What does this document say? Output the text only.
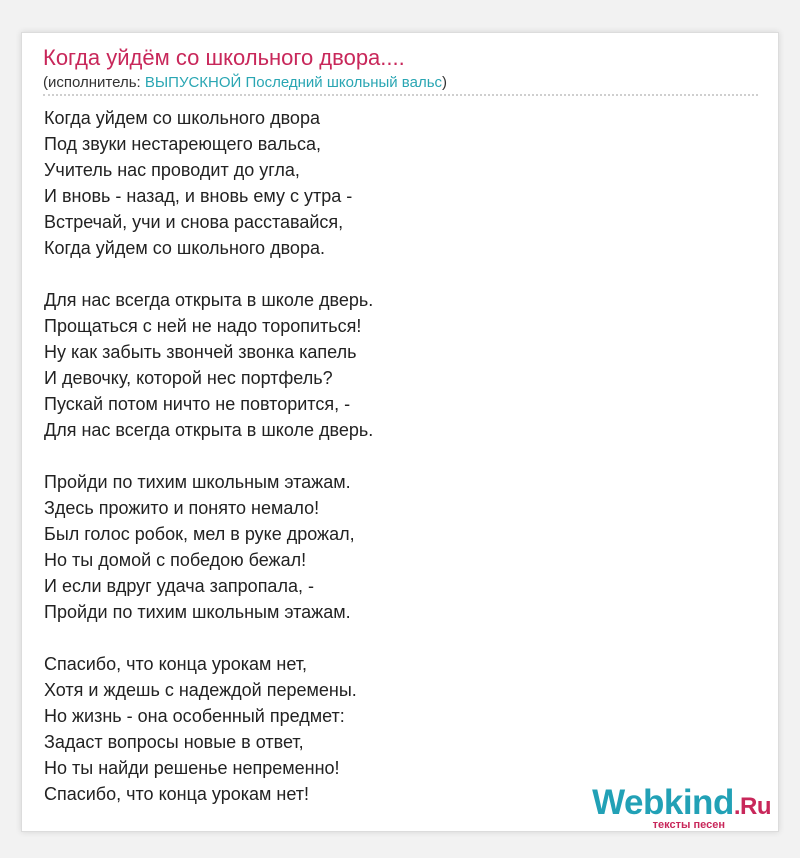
Когда уйдём со школьного двора....
(исполнитель: ВЫПУСКНОЙ Последний школьный вальс)
Когда уйдем со школьного двора
Под звуки нестареющего вальса,
Учитель нас проводит до угла,
И вновь - назад, и вновь ему с утра -
Встречай, учи и снова расставайся,
Когда уйдем со школьного двора.
Для нас всегда открыта в школе дверь.
Прощаться с ней не надо торопиться!
Ну как забыть звончей звонка капель
И девочку, которой нес портфель?
Пускай потом ничто не повторится, -
Для нас всегда открыта в школе дверь.
Пройди по тихим школьным этажам.
Здесь прожито и понято немало!
Был голос робок, мел в руке дрожал,
Но ты домой с победою бежал!
И если вдруг удача запропала, -
Пройди по тихим школьным этажам.
Спасибо, что конца урокам нет,
Хотя и ждешь с надеждой перемены.
Но жизнь - она особенный предмет:
Задаст вопросы новые в ответ,
Но ты найди решенье непременно!
Спасибо, что конца урокам нет!	Webkind.Ru
тексты песен
